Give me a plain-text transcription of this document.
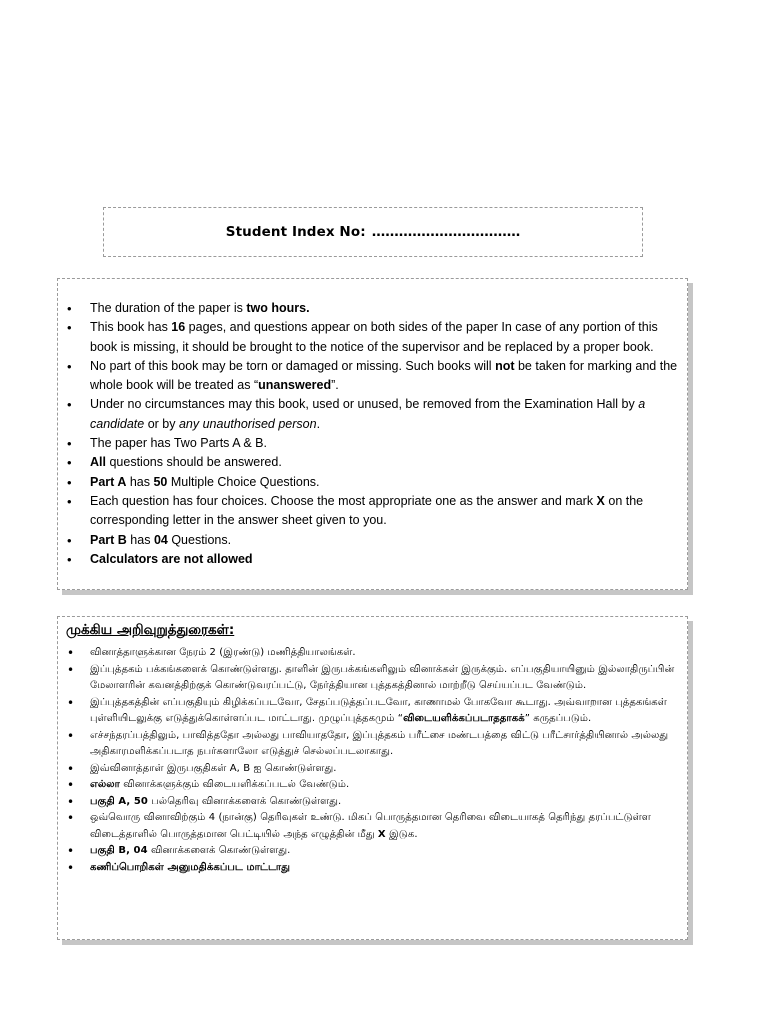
Student Index No: ……………………………
• The duration of the paper is two hours.
• This book has 16 pages, and questions appear on both sides of the paper In case of any portion of this book is missing, it should be brought to the notice of the supervisor and be replaced by a proper book.
• No part of this book may be torn or damaged or missing. Such books will not be taken for marking and the whole book will be treated as “unanswered”.
• Under no circumstances may this book, used or unused, be removed from the Examination Hall by a candidate or by any unauthorised person.
• The paper has Two Parts A & B.
• All questions should be answered.
• Part A has 50 Multiple Choice Questions.
• Each question has four choices. Choose the most appropriate one as the answer and mark X on the corresponding letter in the answer sheet given to you.
• Part B has 04 Questions.
• Calculators are not allowed
முக்கிய அறிவுறுத்துரைகள்:
• வினாத்தாளுக்கான நேரம் 2 (இரண்டு) மணித்தியாலங்கள்.
• இப்புத்தகம் பக்கங்களைக் கொண்டுள்ளது. தாளின் இருபக்கங்களிலும் வினாக்கள் இருக்கும். எப்பகுதியாயினும் இல்லாதிருப்பின் மேலாளரின் கவனத்திற்குக் கொண்டுவரப்பட்டு, நேர்த்தியான புத்தகத்தினால் மாற்றீடு செய்யப்பட வேண்டும்.
• இப்புத்தகத்தின் எப்பகுதியும் கிழிக்கப்படவோ, சேதப்படுத்தப்படவோ, காணாமல் போகவோ கூடாது. அவ்வாறான புத்தகங்கள் புள்ளியிடலுக்கு எடுத்துக்கொள்ளப்பட மாட்டாது. முழுப்புத்தகமும் “விடையளிக்கப்படாததாகக்” கருதப்படும்.
• எச்சந்தரப்பத்திலும், பாவித்ததோ அல்லது பாவியாததோ, இப்புத்தகம் பரீட்சை மண்டபத்தை விட்டு பரீட்சார்த்தியினால் அல்லது அதிகாரமளிக்கப்படாத நபர்களாலோ எடுத்துச் செல்லப்படலாகாது.
• இவ்வினாத்தாள் இருபகுதிகள் A, B ஐ கொண்டுள்ளது.
• எல்லா வினாக்களுக்கும் விடையளிக்கப்படல் வேண்டும்.
• பகுதி A, 50 பல்தெரிவு வினாக்களைக் கொண்டுள்ளது.
• ஒவ்வொரு வினாவிற்கும் 4 (நான்கு) தெரிவுகள் உண்டு. மிகப் பொருத்தமான தெரிவை விடையாகத் தெரிந்து தரப்பட்டுள்ள விடைத்தாளில் பொருத்தமான பெட்டியில் அந்த எழுத்தின் மீது X இடுக.
• பகுதி B, 04 வினாக்களைக் கொண்டுள்ளது.
• கணிப்பொறிகள் அனுமதிக்கப்பட மாட்டாது
